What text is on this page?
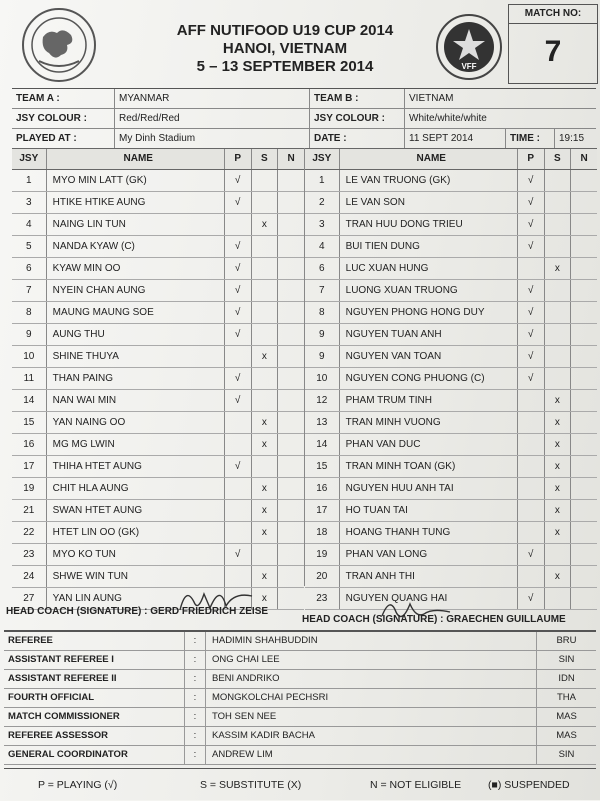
AFF NUTIFOOD U19 CUP 2014
HANOI, VIETNAM
5 – 13 SEPTEMBER 2014	VFF
MATCH NO:
7
TEAM A :	MYANMAR	TEAM B :	VIETNAM
JSY COLOUR :	Red/Red/Red	JSY COLOUR :	White/white/white
PLAYED AT :	My Dinh Stadium	DATE :	11 SEPT 2014	TIME :	19:15
JSY	NAME	P	S	N
1	MYO MIN LATT (GK)	√
3	HTIKE HTIKE AUNG	√
4	NAING LIN TUN	x
5	NANDA KYAW (C)	√
6	KYAW MIN OO	√
7	NYEIN CHAN AUNG	√
8	MAUNG MAUNG SOE	√
9	AUNG THU	√
10	SHINE THUYA	x
11	THAN PAING	√
14	NAN WAI MIN	√
15	YAN NAING OO	x
16	MG MG LWIN	x
17	THIHA HTET AUNG	√
19	CHIT HLA AUNG	x
21	SWAN HTET AUNG	x
22	HTET LIN OO (GK)	x
23	MYO KO TUN	√
24	SHWE WIN TUN	x
27	YAN LIN AUNG	x
JSY	NAME	P	S	N
1	LE VAN TRUONG (GK)	√
2	LE VAN SON	√
3	TRAN HUU DONG TRIEU	√
4	BUI TIEN DUNG	√
6	LUC XUAN HUNG	x
7	LUONG XUAN TRUONG	√
8	NGUYEN PHONG HONG DUY	√
9	NGUYEN TUAN ANH	√
9	NGUYEN VAN TOAN	√
10	NGUYEN CONG PHUONG (C)	√
12	PHAM TRUM TINH	x
13	TRAN MINH VUONG	x
14	PHAN VAN DUC	x
15	TRAN MINH TOAN (GK)	x
16	NGUYEN HUU ANH TAI	x
17	HO TUAN TAI	x
18	HOANG THANH TUNG	x
19	PHAN VAN LONG	√
20	TRAN ANH THI	x
23	NGUYEN QUANG HAI	√
HEAD COACH (SIGNATURE) : GERD FRIEDRICH ZEISE
HEAD COACH (SIGNATURE) : GRAECHEN GUILLAUME
REFEREE	:	HADIMIN SHAHBUDDIN	BRU
ASSISTANT REFEREE I	:	ONG CHAI LEE	SIN
ASSISTANT REFEREE II	:	BENI ANDRIKO	IDN
FOURTH OFFICIAL	:	MONGKOLCHAI PECHSRI	THA
MATCH COMMISSIONER	:	TOH SEN NEE	MAS
REFEREE ASSESSOR	:	KASSIM KADIR BACHA	MAS
GENERAL COORDINATOR	:	ANDREW LIM	SIN
P = PLAYING (√)	S = SUBSTITUTE (X)	N = NOT ELIGIBLE	(■) SUSPENDED
